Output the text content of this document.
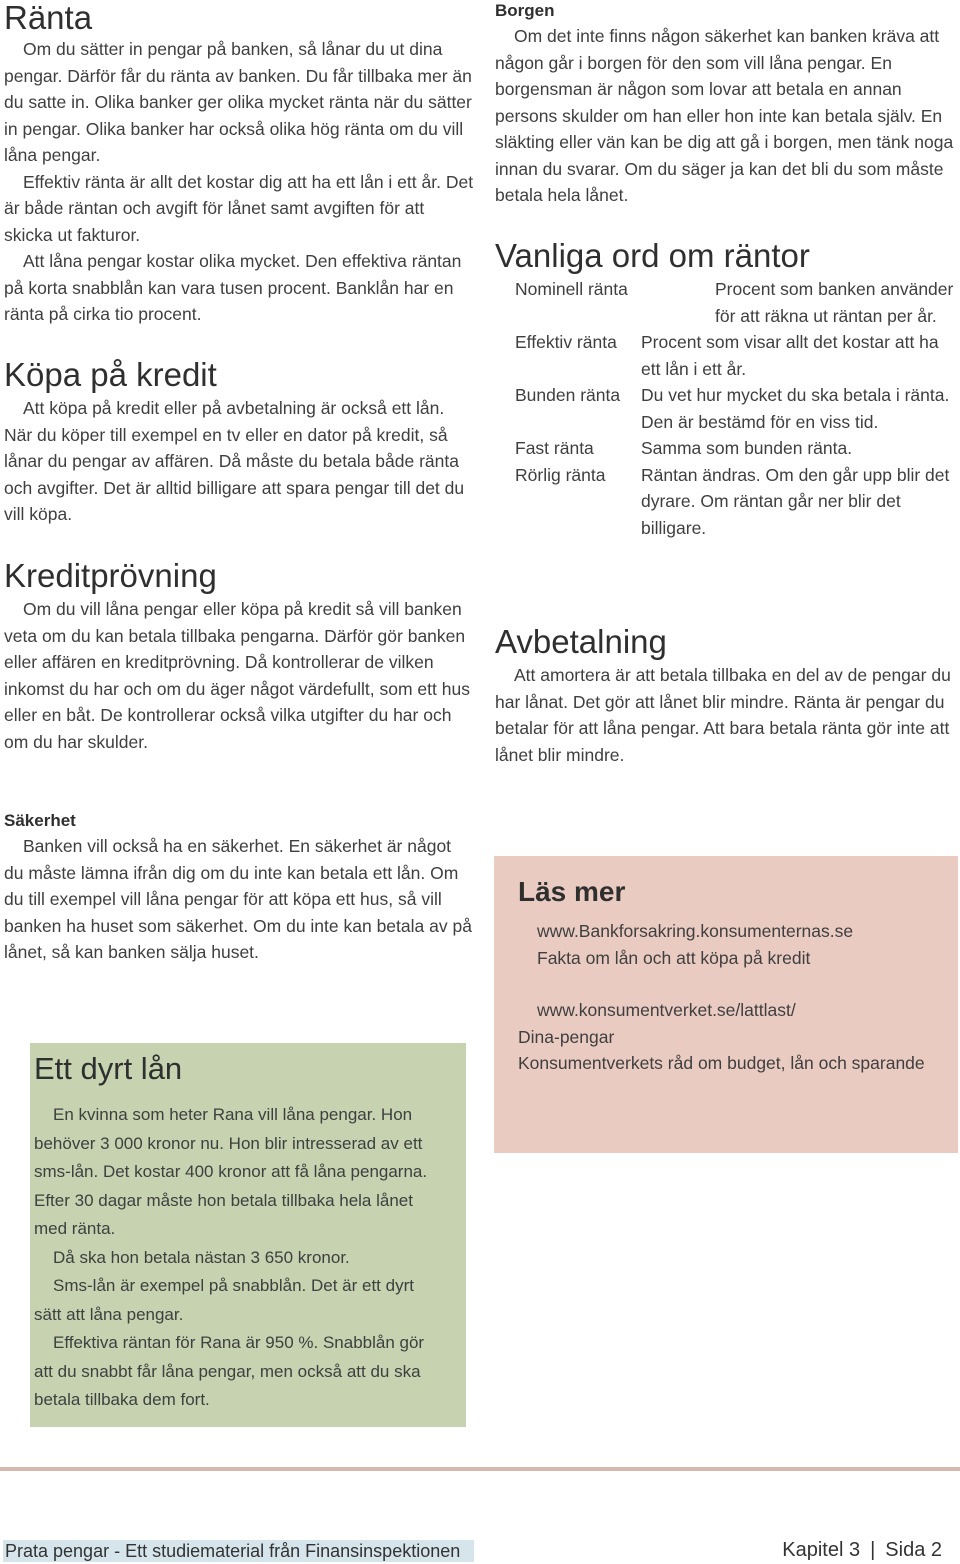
Ränta

Om du sätter in pengar på banken, så lånar du ut dina pengar. Därför får du ränta av banken. Du får tillbaka mer än du satte in. Olika banker ger olika mycket ränta när du sätter in pengar. Olika banker har också olika hög ränta om du vill låna pengar.

Effektiv ränta är allt det kostar dig att ha ett lån i ett år. Det är både räntan och avgift för lånet samt avgiften för att skicka ut fakturor.

Att låna pengar kostar olika mycket. Den effektiva räntan på korta snabblån kan vara tusen procent. Banklån har en ränta på cirka tio procent.

Köpa på kredit

Att köpa på kredit eller på avbetalning är också ett lån. När du köper till exempel en tv eller en dator på kredit, så lånar du pengar av affären. Då måste du betala både ränta och avgifter. Det är alltid billigare att spara pengar till det du vill köpa.

Kreditprövning

Om du vill låna pengar eller köpa på kredit så vill banken veta om du kan betala tillbaka pengarna. Därför gör banken eller affären en kreditprövning. Då kontrollerar de vilken inkomst du har och om du äger något värdefullt, som ett hus eller en båt. De kontrollerar också vilka utgifter du har och om du har skulder.

Säkerhet

Banken vill också ha en säkerhet. En säkerhet är något du måste lämna ifrån dig om du inte kan betala ett lån. Om du till exempel vill låna pengar för att köpa ett hus, så vill banken ha huset som säkerhet. Om du inte kan betala av på lånet, så kan banken sälja huset.

Ett dyrt lån

En kvinna som heter Rana vill låna pengar. Hon behöver 3 000 kronor nu. Hon blir intresserad av ett sms-lån. Det kostar 400 kronor att få låna pengarna. Efter 30 dagar måste hon betala tillbaka hela lånet med ränta.

Då ska hon betala nästan 3 650 kronor.

Sms-lån är exempel på snabblån. Det är ett dyrt sätt att låna pengar.

Effektiva räntan för Rana är 950 %. Snabblån gör att du snabbt får låna pengar, men också att du ska betala tillbaka dem fort.

Borgen

Om det inte finns någon säkerhet kan banken kräva att någon går i borgen för den som vill låna pengar. En borgensman är någon som lovar att betala en annan persons skulder om han eller hon inte kan betala själv. En släkting eller vän kan be dig att gå i borgen, men tänk noga innan du svarar. Om du säger ja kan det bli du som måste betala hela lånet.

Vanliga ord om räntor
Nominell ränta	Procent som banken använder för att räkna ut räntan per år.
Effektiv ränta	Procent som visar allt det kostar att ha ett lån i ett år.
Bunden ränta	Du vet hur mycket du ska betala i ränta. Den är bestämd för en viss tid.
Fast ränta	Samma som bunden ränta.
Rörlig ränta	Räntan ändras. Om den går upp blir det dyrare. Om räntan går ner blir det billigare.
Avbetalning

Att amortera är att betala tillbaka en del av de pengar du har lånat. Det gör att lånet blir mindre. Ränta är pengar du betalar för att låna pengar. Att bara betala ränta gör inte att lånet blir mindre.

Läs mer

www.Bankforsakring.konsumenternas.se

Fakta om lån och att köpa på kredit

www.konsumentverket.se/lattlast/

Dina-pengar

Konsumentverkets råd om budget, lån och sparande

Prata pengar - Ett studiematerial från Finansinspektionen	Kapitel 3 | Sida 2
